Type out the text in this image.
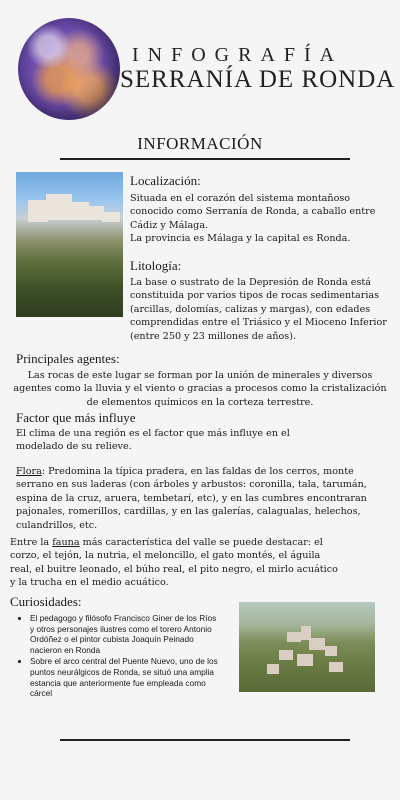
INFOGRAFÍA
SERRANÍA DE RONDA
INFORMACIÓN
Localización:
Situada en el corazón del sistema montañoso conocido como Serranía de Ronda, a caballo entre Cádiz y Málaga.
La provincia es Málaga y la capital es Ronda.
Litología:
La base o sustrato de la Depresión de Ronda está constituida por varios tipos de rocas sedimentarias (arcillas, dolomías, calizas y margas), con edades comprendidas entre el Triásico y el Mioceno Inferior (entre 250 y 23 millones de años).
Principales agentes:
Las rocas de este lugar se forman por la unión de minerales y diversos agentes como la lluvia y el viento o gracias a procesos como la cristalización de elementos químicos en la corteza terrestre.
Factor que más influye
El clima de una región es el factor que más influye en el modelado de su relieve.
Flora: Predomina la típica pradera, en las faldas de los cerros, monte serrano en sus laderas (con árboles y arbustos: coronilla, tala, tarumán, espina de la cruz, aruera, tembetarí, etc), y en las cumbres encontraran pajonales, romerillos, cardillas, y en las galerías, calagualas, helechos, culandrillos, etc.
Entre la fauna más característica del valle se puede destacar: el corzo, el tejón, la nutria, el meloncillo, el gato montés, el águila real, el buitre leonado, el búho real, el pito negro, el mirlo acuático y la trucha en el medio acuático.
Curiosidades:
• El pedagogo y filósofo Francisco Giner de los Ríos y otros personajes ilustres como el torero Antonio Ordóñez o el pintor cubista Joaquín Peinado nacieron en Ronda
• Sobre el arco central del Puente Nuevo, uno de los puntos neurálgicos de Ronda, se situó una amplia estancia que anteriormente fue empleada como cárcel
